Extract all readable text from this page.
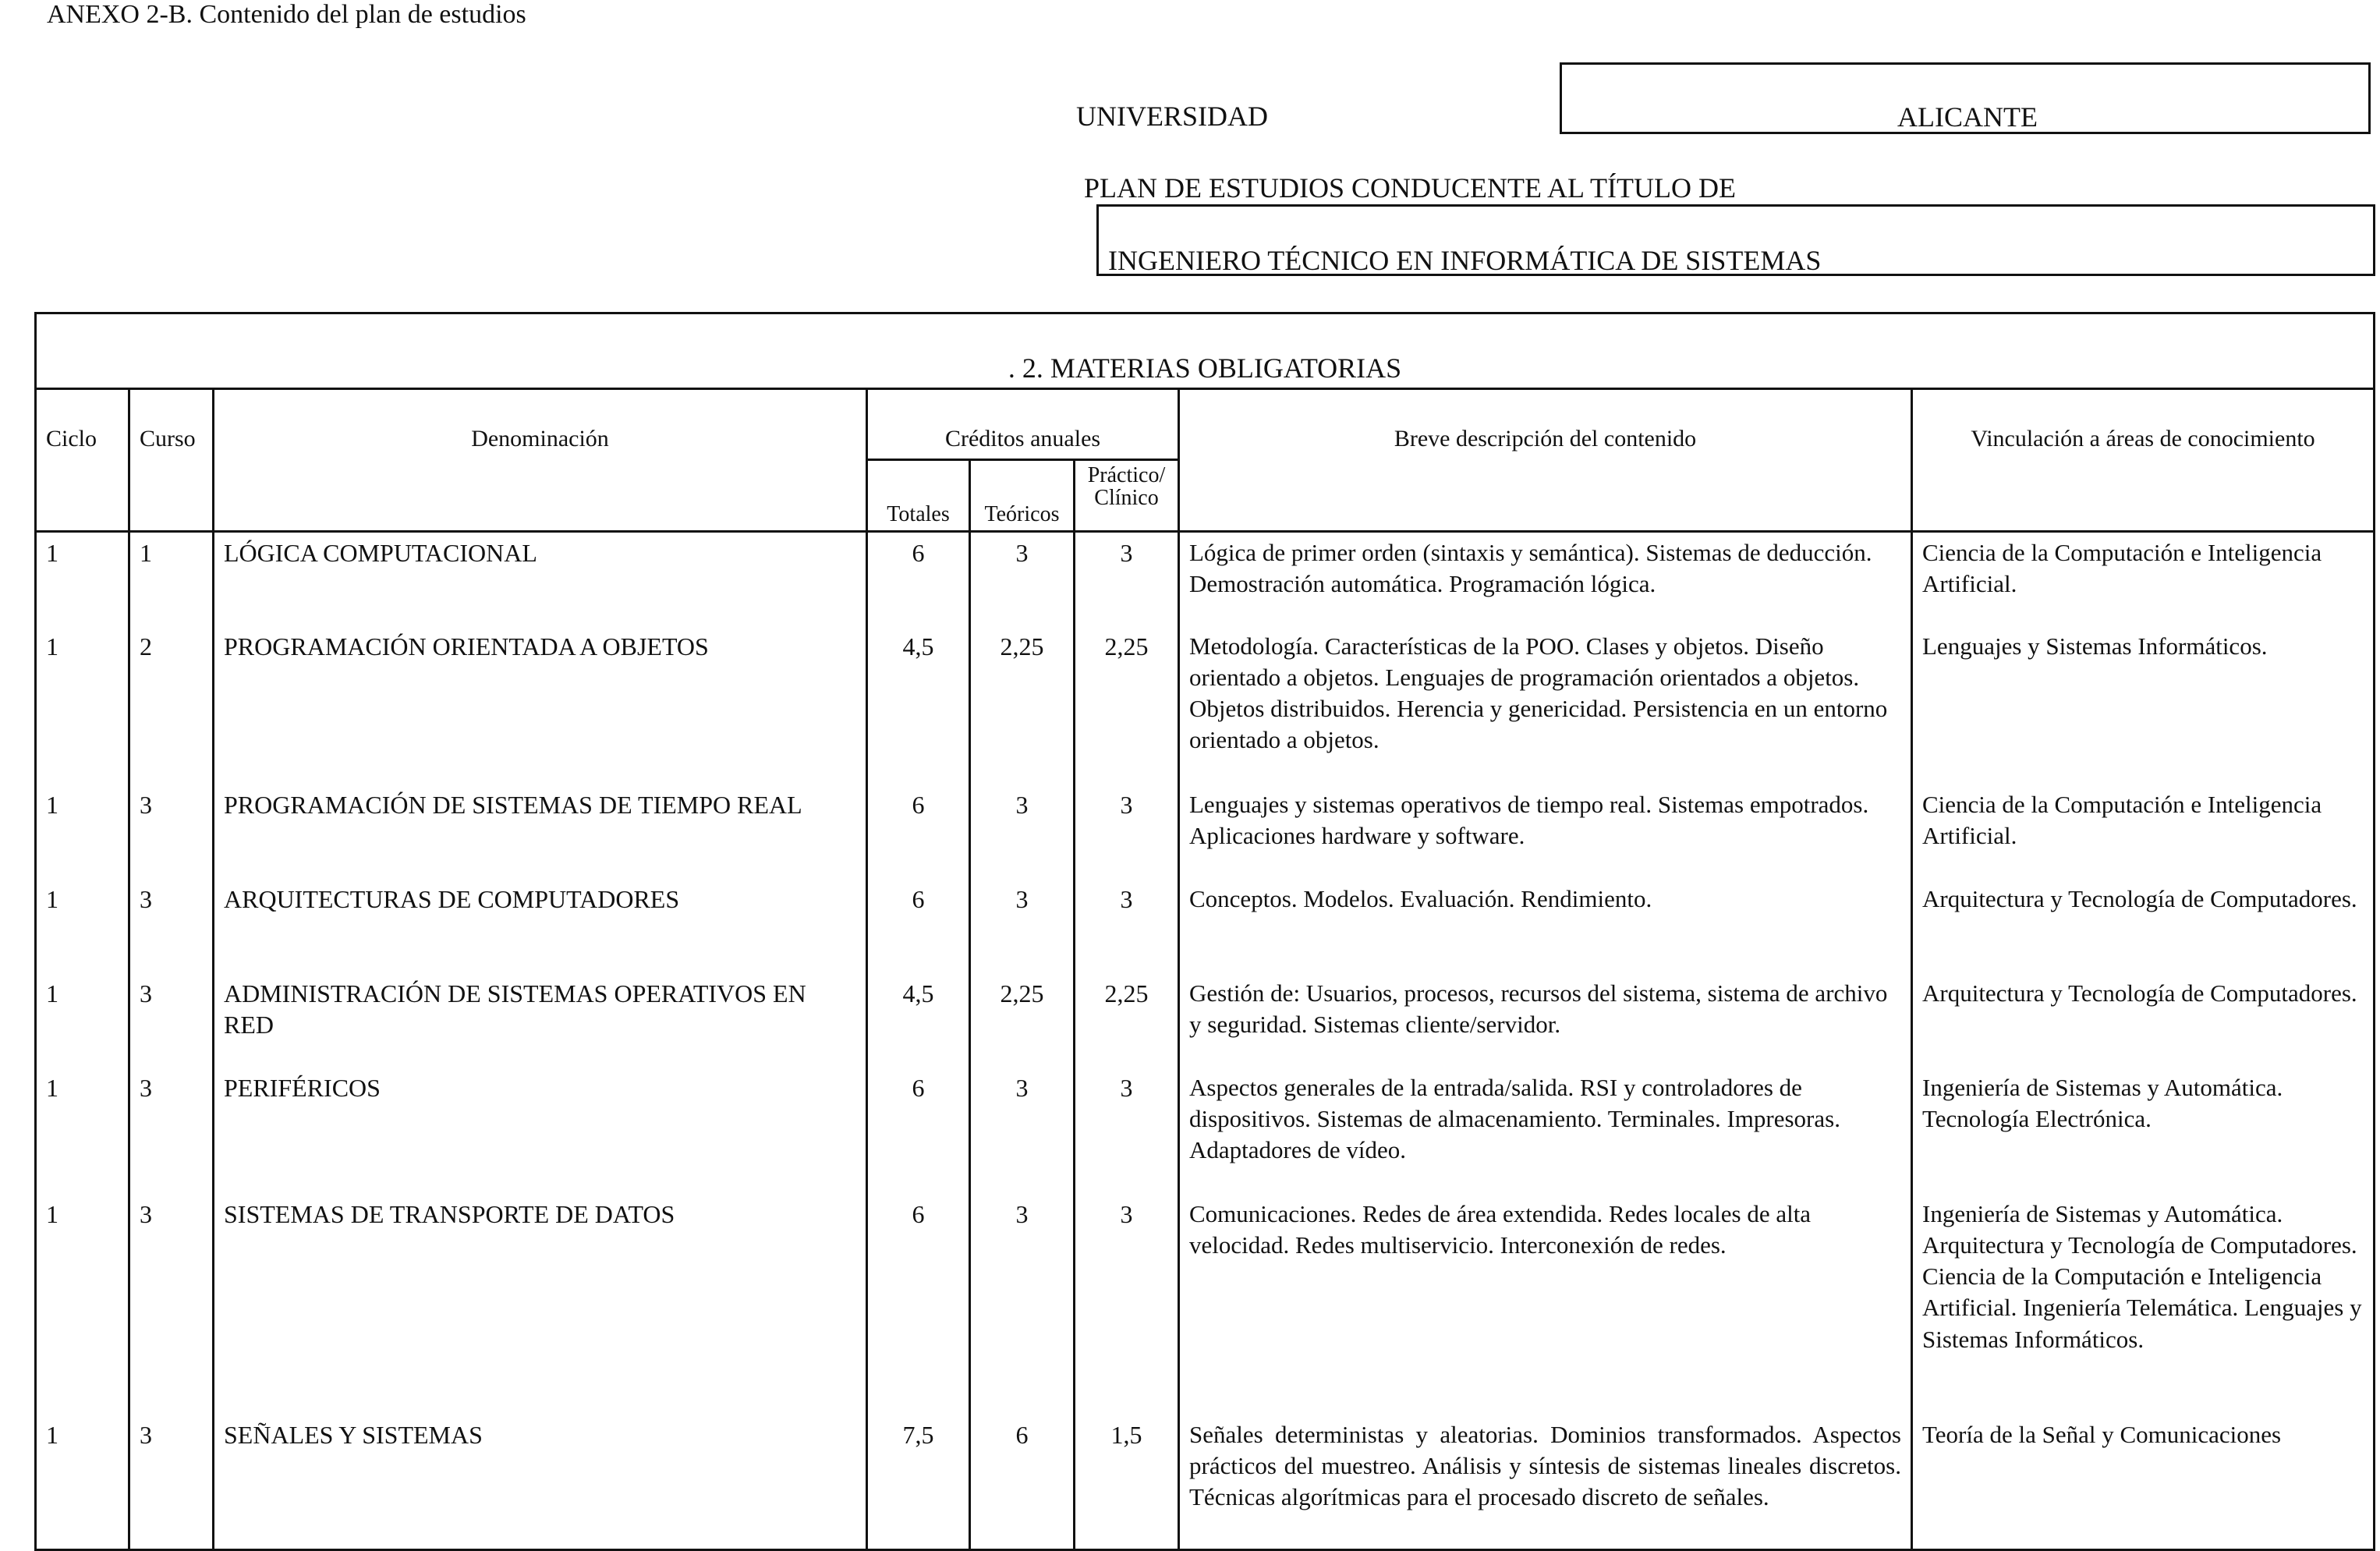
ANEXO 2-B. Contenido del plan de estudios
UNIVERSIDAD	ALICANTE
PLAN DE ESTUDIOS CONDUCENTE AL TÍTULO DE
INGENIERO TÉCNICO EN INFORMÁTICA DE SISTEMAS
. 2. MATERIAS OBLIGATORIAS							
Ciclo	Curso	Denominación	Créditos anuales			Breve descripción del contenido	Vinculación a áreas de conocimiento
			Totales	Teóricos	Práctico/
Clínico		
1	1	LÓGICA COMPUTACIONAL	6	3	3	Lógica de primer orden (sintaxis y semántica). Sistemas de deducción. Demostración automática. Programación lógica.	Ciencia de la Computación e Inteligencia Artificial.
1	2	PROGRAMACIÓN ORIENTADA A OBJETOS	4,5	2,25	2,25	Metodología. Características de la POO. Clases y objetos. Diseño orientado a objetos. Lenguajes de programación orientados a objetos. Objetos distribuidos. Herencia y genericidad. Persistencia en un entorno orientado a objetos.	Lenguajes y Sistemas Informáticos.
1	3	PROGRAMACIÓN DE SISTEMAS DE TIEMPO REAL	6	3	3	Lenguajes y sistemas operativos de tiempo real. Sistemas empotrados. Aplicaciones hardware y software.	Ciencia de la Computación e Inteligencia Artificial.
1	3	ARQUITECTURAS DE COMPUTADORES	6	3	3	Conceptos. Modelos. Evaluación. Rendimiento.	Arquitectura y Tecnología de Computadores.
1	3	ADMINISTRACIÓN DE SISTEMAS OPERATIVOS EN RED	4,5	2,25	2,25	Gestión de: Usuarios, procesos, recursos del sistema, sistema de archivo y seguridad. Sistemas cliente/servidor.	Arquitectura y Tecnología de Computadores.
1	3	PERIFÉRICOS	6	3	3	Aspectos generales de la entrada/salida. RSI y controladores de dispositivos. Sistemas de almacenamiento. Terminales. Impresoras. Adaptadores de vídeo.	Ingeniería de Sistemas y Automática. Tecnología Electrónica.
1	3	SISTEMAS DE TRANSPORTE DE DATOS	6	3	3	Comunicaciones. Redes de área extendida. Redes locales de alta velocidad. Redes multiservicio. Interconexión de redes.	Ingeniería de Sistemas y Automática. Arquitectura y Tecnología de Computadores. Ciencia de la Computación e Inteligencia Artificial. Ingeniería Telemática. Lenguajes y Sistemas Informáticos.
1	3	SEÑALES Y SISTEMAS	7,5	6	1,5	Señales deterministas y aleatorias. Dominios transformados. Aspectos prácticos del muestreo. Análisis y síntesis de sistemas lineales discretos. Técnicas algorítmicas para el procesado discreto de señales.	Teoría de la Señal y Comunicaciones
